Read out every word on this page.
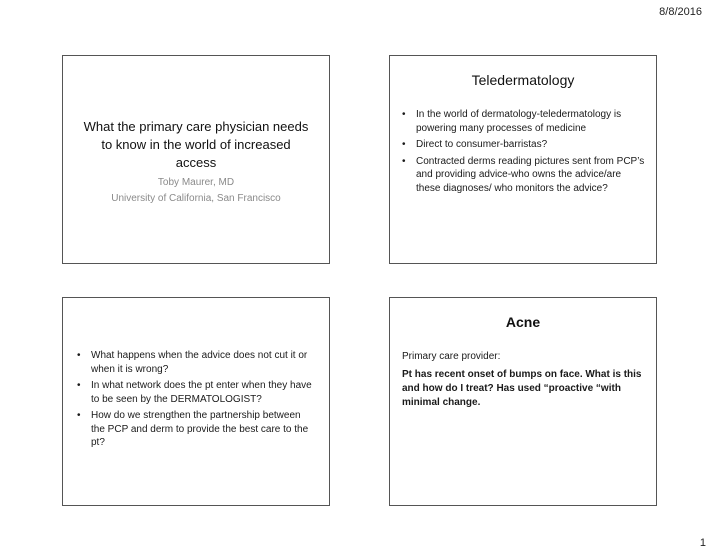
8/8/2016
What the primary care physician needs to know in the world of increased access
Toby Maurer, MD
University of California, San Francisco
Teledermatology
• In the world of dermatology-teledermatology is powering many processes of medicine
• Direct to consumer-barristas?
• Contracted derms reading pictures sent from PCP’s and providing advice-who owns the advice/are these diagnoses/ who monitors the advice?
• What happens when the advice does not cut it or when it is wrong?
• In what network does the pt enter when they have to be seen by the DERMATOLOGIST?
• How do we strengthen the partnership between the PCP and derm to provide the best care to the pt?
Acne
Primary care provider:
Pt has recent onset of bumps on face. What is this and how do I treat? Has used “proactive “with minimal change.
1
